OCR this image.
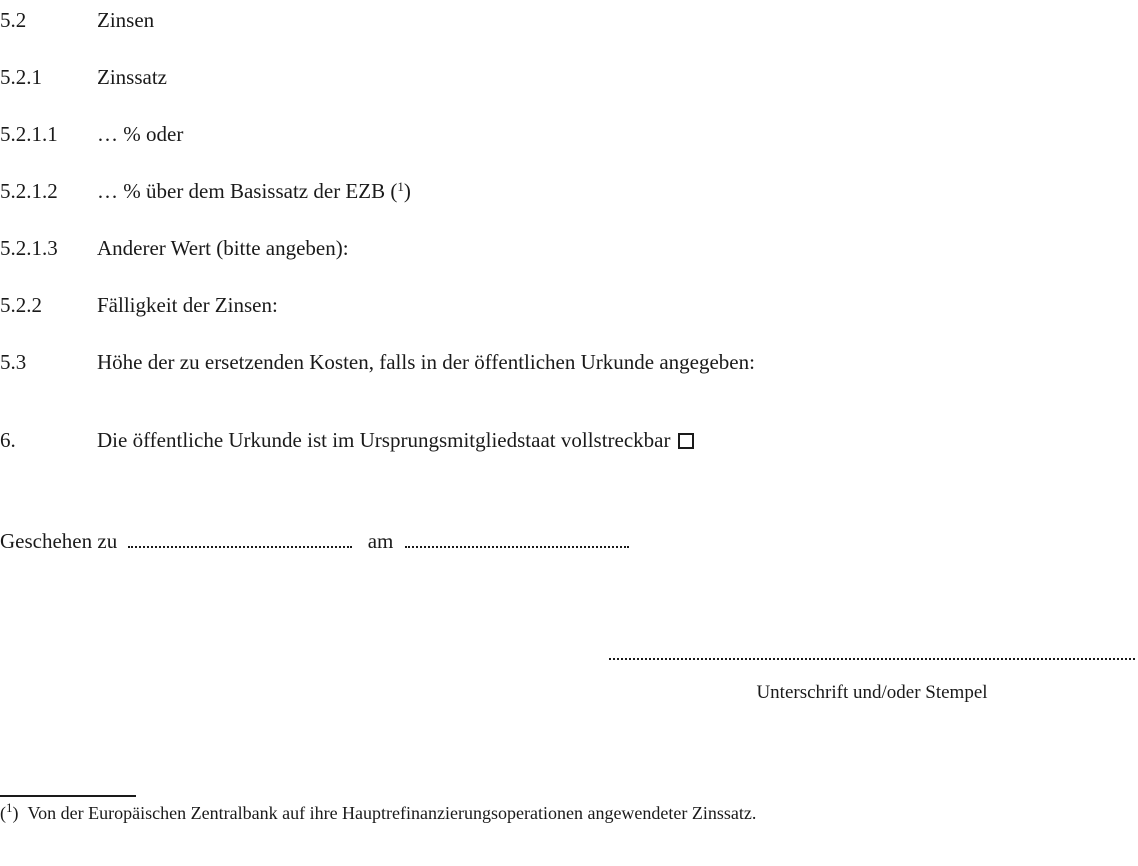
5.2	Zinsen
5.2.1	Zinssatz
5.2.1.1 … % oder
5.2.1.2 … % über dem Basissatz der EZB ($^1$)
5.2.1.3 Anderer Wert (bitte angeben):
5.2.2	Fälligkeit der Zinsen:
5.3	Höhe der zu ersetzenden Kosten, falls in der öffentlichen Urkunde angegeben:
6.	Die öffentliche Urkunde ist im Ursprungsmitgliedstaat vollstreckbar
Geschehen zu	am
Unterschrift und/oder Stempel
($^1$)  Von der Europäischen Zentralbank auf ihre Hauptrefinanzierungsoperationen angewendeter Zinssatz.
